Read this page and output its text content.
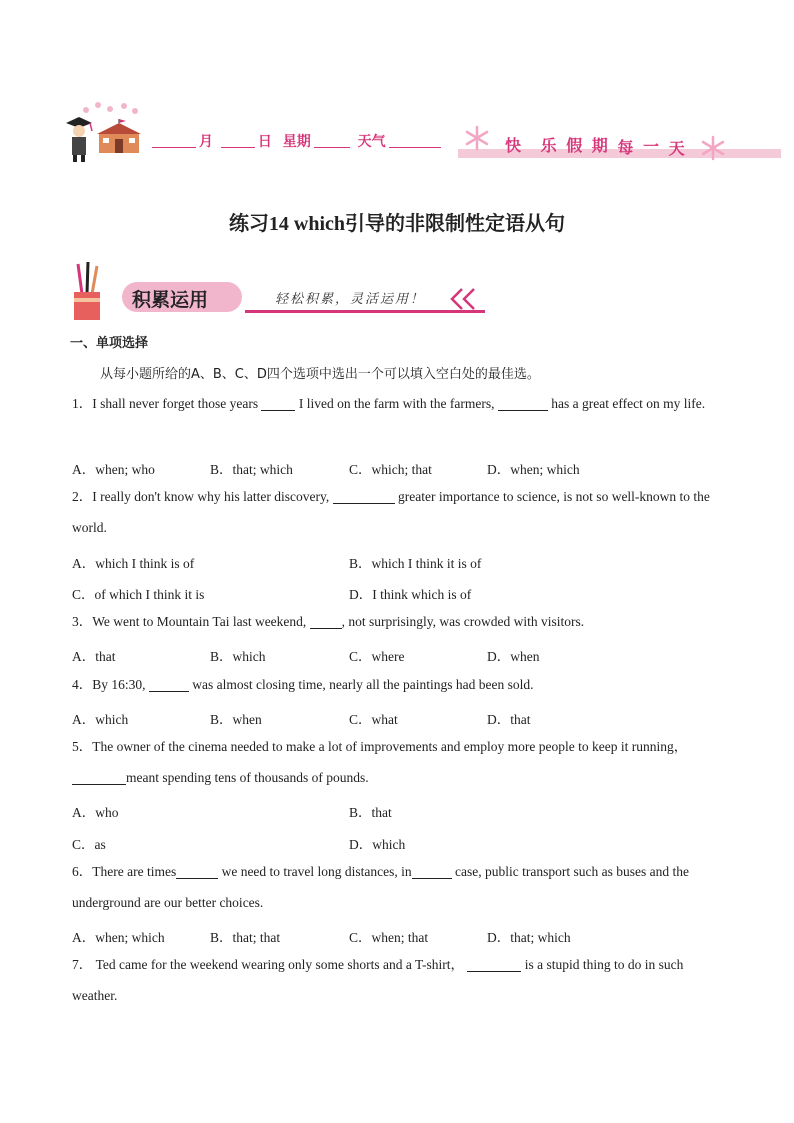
月	日 星期	天气	快 乐 假 期 每 一 天
练习14 which引导的非限制性定语从句
积累运用	轻松积累，灵活运用！
一、单项选择
从每小题所给的A、B、C、D四个选项中选出一个可以填入空白处的最佳选。
1．I shall never forget those years	I lived on the farm with the farmers,	has a great effect on my life.
A．when; who	B．that; which	C．which; that	D．when; which
2．I really don't know why his latter discovery,	greater importance to science, is not so well-known to the world.
A．which I think is of	B．which I think it is of
C．of which I think it is	D．I think which is of
3．We went to Mountain Tai last weekend,	, not surprisingly, was crowded with visitors.
A．that	B．which	C．where	D．when
4．By 16:30,	was almost closing time, nearly all the paintings had been sold.
A．which	B．when	C．what	D．that
5．The owner of the cinema needed to make a lot of improvements and employ more people to keep it running，
meant spending tens of thousands of pounds.
A．who	B．that
C．as	D．which
6．There are times	we need to travel long distances, in	case, public transport such as buses and the underground are our better choices.
A．when; which	B．that; that	C．when; that	D．that; which
7． Ted came for the weekend wearing only some shorts and a T-shirt，	is a stupid thing to do in such weather.
